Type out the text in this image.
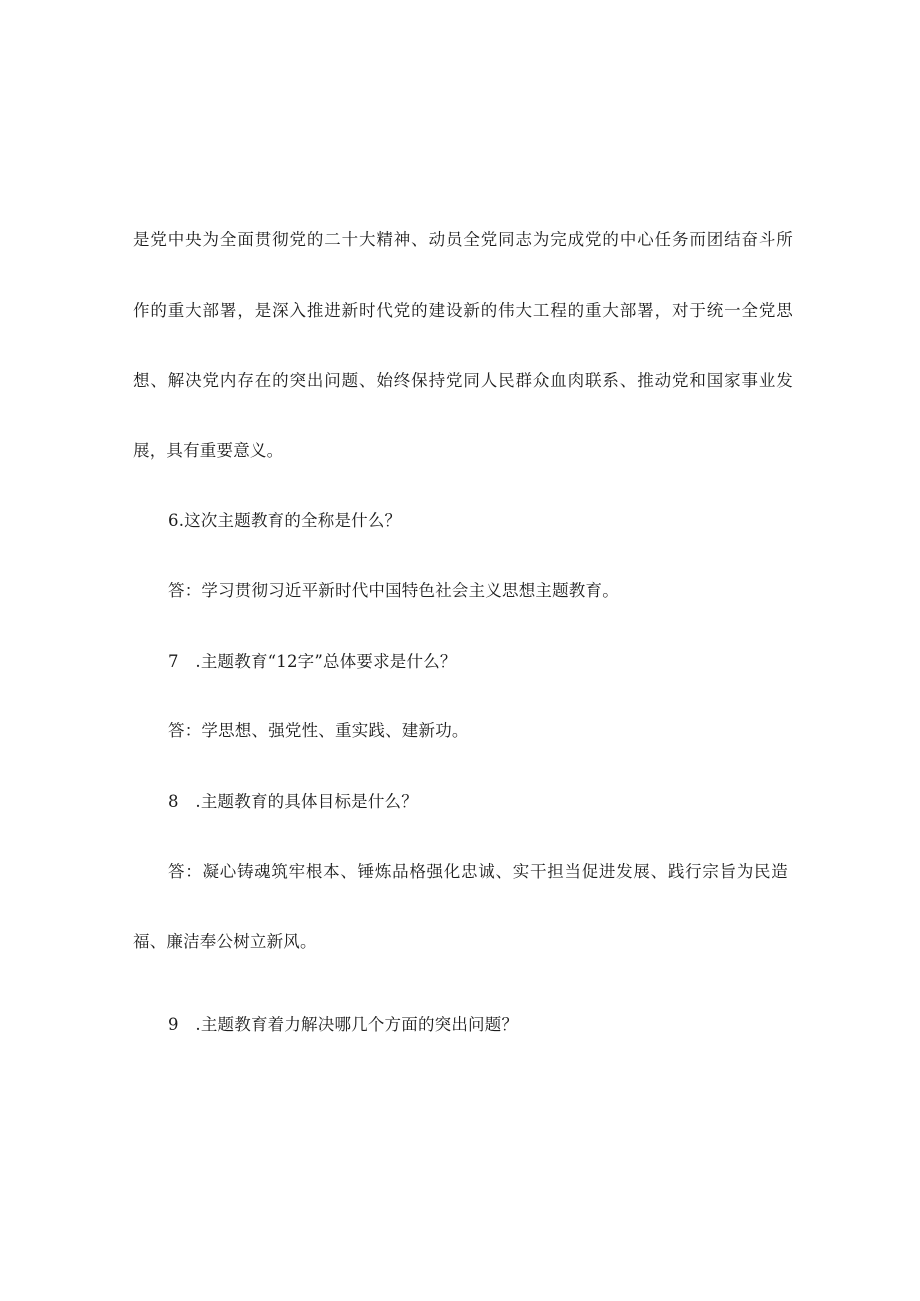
是党中央为全面贯彻党的二十大精神、动员全党同志为完成党的中心任务而团结奋斗所
作的重大部署，是深入推进新时代党的建设新的伟大工程的重大部署，对于统一全党思
想、解决党内存在的突出问题、始终保持党同人民群众血肉联系、推动党和国家事业发
展，具有重要意义。
6.这次主题教育的全称是什么？
答：学习贯彻习近平新时代中国特色社会主义思想主题教育。
7　.主题教育“12字”总体要求是什么？
答：学思想、强党性、重实践、建新功。
8　.主题教育的具体目标是什么？
答：凝心铸魂筑牢根本、锤炼品格强化忠诚、实干担当促进发展、践行宗旨为民造
福、廉洁奉公树立新风。
9　.主题教育着力解决哪几个方面的突出问题？
